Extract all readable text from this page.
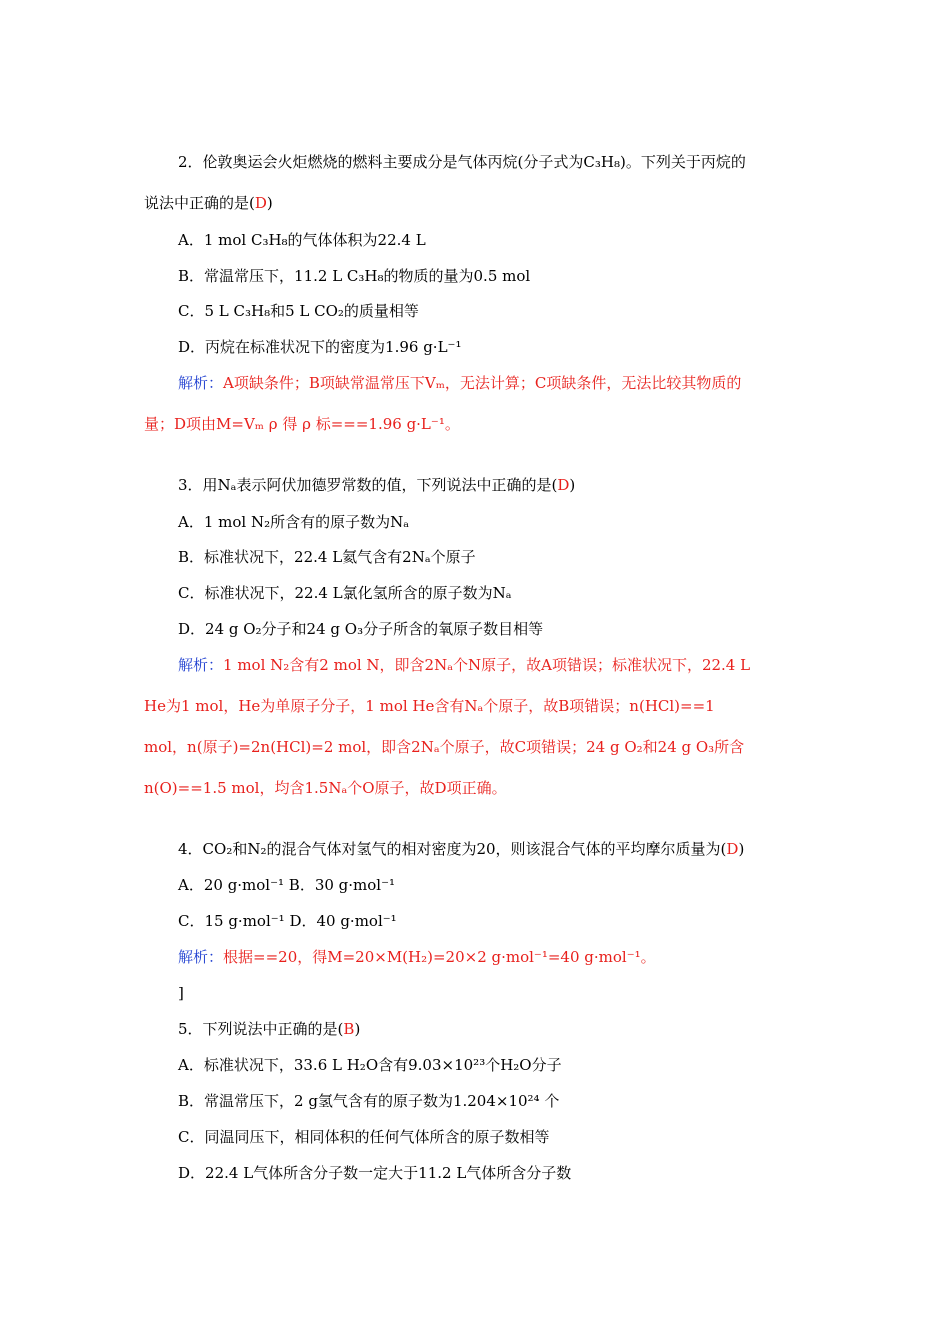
2．伦敦奥运会火炬燃烧的燃料主要成分是气体丙烷(分子式为C₃H₈)。下列关于丙烷的
说法中正确的是(D)
A．1 mol C₃H₈的气体体积为22.4 L
B．常温常压下，11.2 L C₃H₈的物质的量为0.5 mol
C．5 L C₃H₈和5 L CO₂的质量相等
D．丙烷在标准状况下的密度为1.96 g·L⁻¹
解析：A项缺条件；B项缺常温常压下Vₘ，无法计算；C项缺条件，无法比较其物质的
量；D项由M=Vₘ ρ 得 ρ 标===1.96 g·L⁻¹。
3．用Nₐ表示阿伏加德罗常数的值，下列说法中正确的是(D)
A．1 mol N₂所含有的原子数为Nₐ
B．标准状况下，22.4 L氦气含有2Nₐ个原子
C．标准状况下，22.4 L氯化氢所含的原子数为Nₐ
D．24 g O₂分子和24 g O₃分子所含的氧原子数目相等
解析：1 mol N₂含有2 mol N，即含2Nₐ个N原子，故A项错误；标准状况下，22.4 L
He为1 mol，He为单原子分子，1 mol He含有Nₐ个原子，故B项错误；n(HCl)==1
mol，n(原子)=2n(HCl)=2 mol，即含2Nₐ个原子，故C项错误；24 g O₂和24 g O₃所含
n(O)==1.5 mol，均含1.5Nₐ个O原子，故D项正确。
4．CO₂和N₂的混合气体对氢气的相对密度为20，则该混合气体的平均摩尔质量为(D)
A．20 g·mol⁻¹ B．30 g·mol⁻¹
C．15 g·mol⁻¹ D．40 g·mol⁻¹
解析：根据==20，得M=20×M(H₂)=20×2 g·mol⁻¹=40 g·mol⁻¹。
]
5．下列说法中正确的是(B)
A．标准状况下，33.6 L H₂O含有9.03×10²³个H₂O分子
B．常温常压下，2 g氢气含有的原子数为1.204×10²⁴ 个
C．同温同压下，相同体积的任何气体所含的原子数相等
D．22.4 L气体所含分子数一定大于11.2 L气体所含分子数
